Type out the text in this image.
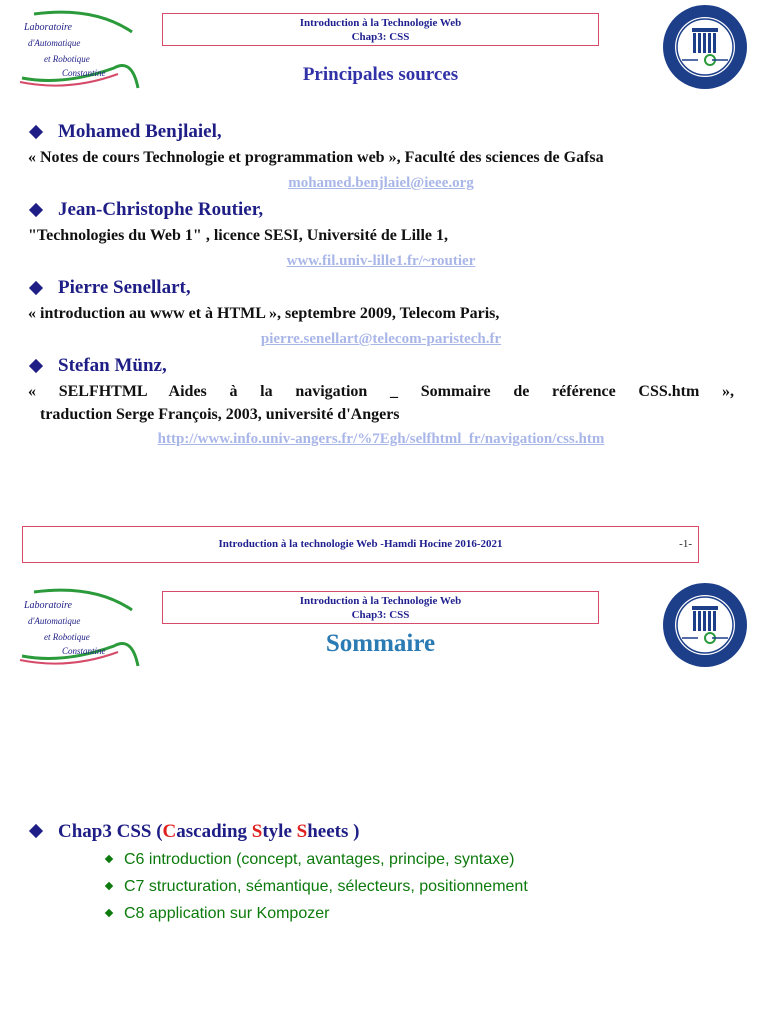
Laboratoire
d'Automatique
et Robotique
Constantine
Introduction à la Technologie Web
Chap3: CSS
Principales sources
Mohamed Benjlaiel,
« Notes de cours Technologie et programmation web », Faculté des sciences de Gafsa
mohamed.benjlaiel@ieee.org
Jean-Christophe Routier,
"Technologies du Web 1" , licence SESI, Université de Lille 1,
www.fil.univ-lille1.fr/~routier
Pierre Senellart,
« introduction au www et à HTML », septembre 2009, Telecom Paris,
pierre.senellart@telecom-paristech.fr
Stefan Münz,
« SELFHTML Aides à la navigation _ Sommaire de référence CSS.htm »,
traduction Serge François, 2003, université d'Angers
http://www.info.univ-angers.fr/%7Egh/selfhtml_fr/navigation/css.htm
Introduction à la technologie Web -Hamdi Hocine 2016-2021	-1-
Laboratoire
d'Automatique
et Robotique
Constantine
Introduction à la Technologie Web
Chap3: CSS
Sommaire
Chap3 CSS (Cascading Style Sheets )
C6 introduction (concept, avantages, principe, syntaxe)
C7 structuration, sémantique, sélecteurs, positionnement
C8 application sur Kompozer
